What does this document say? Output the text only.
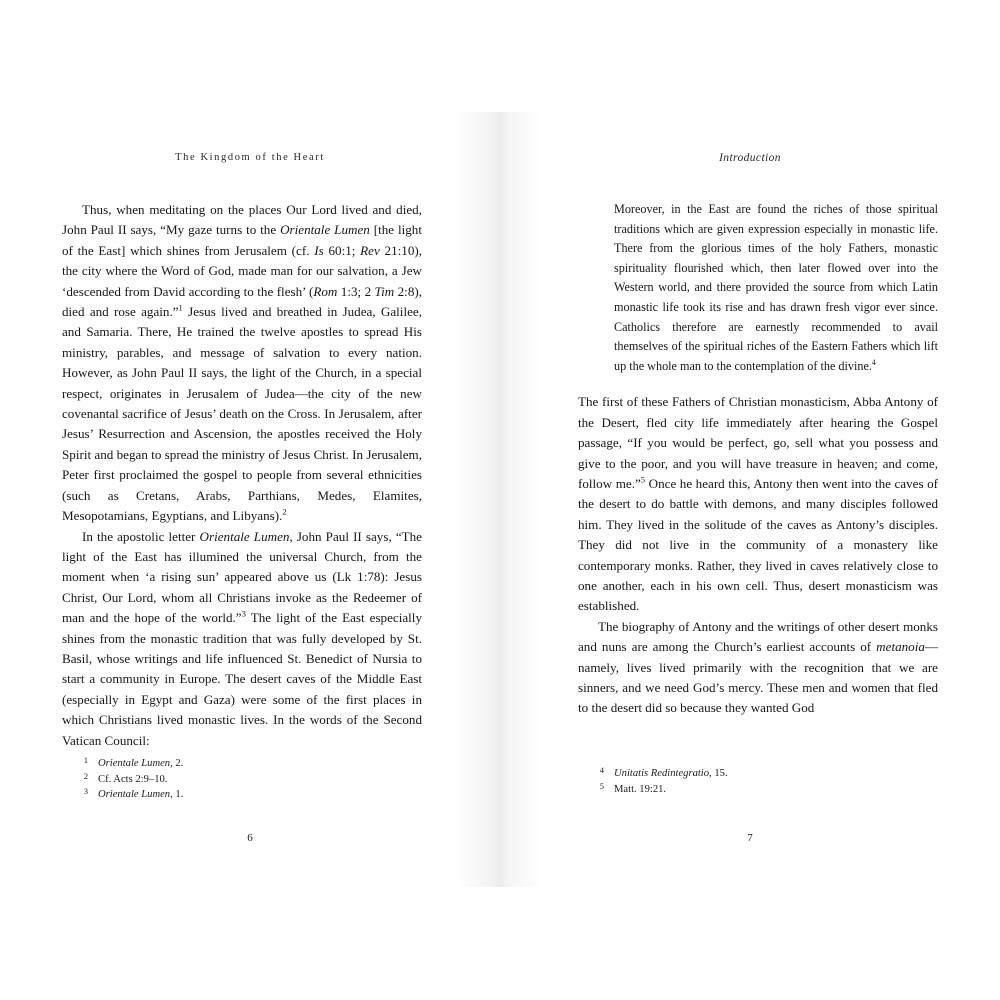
The Kingdom of the Heart

Thus, when meditating on the places Our Lord lived and died, John Paul II says, “My gaze turns to the Orientale Lumen [the light of the East] which shines from Jerusalem (cf. Is 60:1; Rev 21:10), the city where the Word of God, made man for our salvation, a Jew ‘descended from David according to the flesh’ (Rom 1:3; 2 Tim 2:8), died and rose again.”$^1$ Jesus lived and breathed in Judea, Galilee, and Samaria. There, He trained the twelve apostles to spread His ministry, parables, and message of salvation to every nation. However, as John Paul II says, the light of the Church, in a special respect, originates in Jerusalem of Judea—the city of the new covenantal sacrifice of Jesus’ death on the Cross. In Jerusalem, after Jesus’ Resurrection and Ascension, the apostles received the Holy Spirit and began to spread the ministry of Jesus Christ. In Jerusalem, Peter first proclaimed the gospel to people from several ethnicities (such as Cretans, Arabs, Parthians, Medes, Elamites, Mesopotamians, Egyptians, and Libyans).$^2$

In the apostolic letter Orientale Lumen, John Paul II says, “The light of the East has illumined the universal Church, from the moment when ‘a rising sun’ appeared above us (Lk 1:78): Jesus Christ, Our Lord, whom all Christians invoke as the Redeemer of man and the hope of the world.”$^3$ The light of the East especially shines from the monastic tradition that was fully developed by St. Basil, whose writings and life influenced St. Benedict of Nursia to start a community in Europe. The desert caves of the Middle East (especially in Egypt and Gaza) were some of the first places in which Christians lived monastic lives. In the words of the Second Vatican Council:

1 Orientale Lumen, 2.
2 Cf. Acts 2:9–10.
3 Orientale Lumen, 1.
6
Introduction

Moreover, in the East are found the riches of those spiritual traditions which are given expression especially in monastic life. There from the glorious times of the holy Fathers, monastic spirituality flourished which, then later flowed over into the Western world, and there provided the source from which Latin monastic life took its rise and has drawn fresh vigor ever since. Catholics therefore are earnestly recommended to avail themselves of the spiritual riches of the Eastern Fathers which lift up the whole man to the contemplation of the divine.$^4$

The first of these Fathers of Christian monasticism, Abba Antony of the Desert, fled city life immediately after hearing the Gospel passage, “If you would be perfect, go, sell what you possess and give to the poor, and you will have treasure in heaven; and come, follow me.”$^5$ Once he heard this, Antony then went into the caves of the desert to do battle with demons, and many disciples followed him. They lived in the solitude of the caves as Antony’s disciples. They did not live in the community of a monastery like contemporary monks. Rather, they lived in caves relatively close to one another, each in his own cell. Thus, desert monasticism was established.

The biography of Antony and the writings of other desert monks and nuns are among the Church’s earliest accounts of metanoia—namely, lives lived primarily with the recognition that we are sinners, and we need God’s mercy. These men and women that fled to the desert did so because they wanted God

4 Unitatis Redintegratio, 15.
5 Matt. 19:21.
7
